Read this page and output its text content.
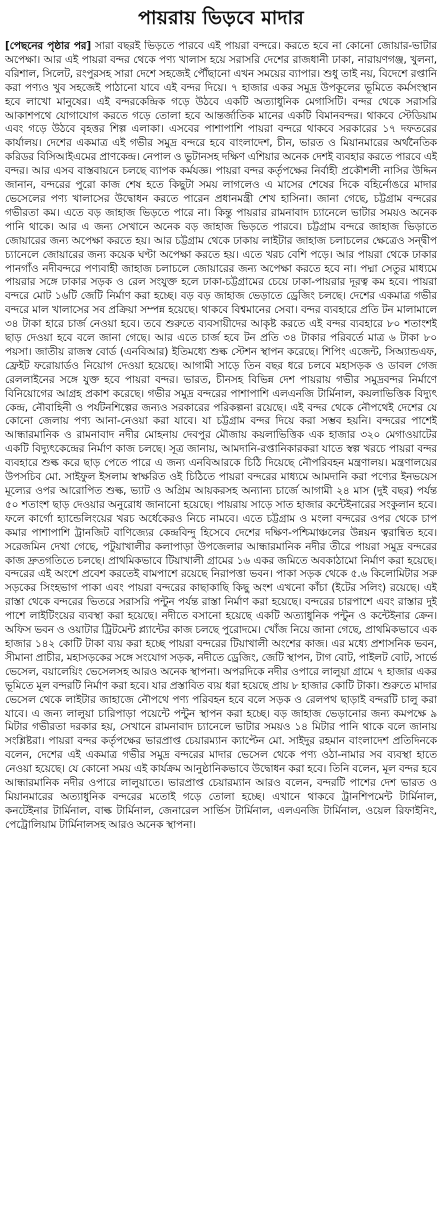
পায়রায় ভিড়বে মাদার

[পেছনের পৃষ্ঠার পর] সারা বছরই ভিড়তে পারবে এই পায়রা বন্দরে। করতে হবে না কোনো জোয়ার-ভাটার অপেক্ষা। আর এই পায়রা বন্দর থেকে পণ্য খালাস হয়ে সরাসরি দেশের রাজধানী ঢাকা, নারায়ণগঞ্জ, খুলনা, বরিশাল, সিলেট, রংপুরসহ সারা দেশে সহজেই পৌঁছানো এখন সময়ের ব্যাপার। শুধু তাই নয়, বিদেশে রপ্তানি করা পণ্যও খুব সহজেই পাঠানো যাবে এই বন্দর দিয়ে। ৭ হাজার একর সমুদ্র উপকূলের ভূমিতে কর্মসংস্থান হবে লাখো মানুষের। এই বন্দরকেন্দ্রিক গড়ে উঠবে একটি অত্যাধুনিক মেগাসিটি। বন্দর থেকে সরাসরি আকাশপথে যোগাযোগ করতে গড়ে তোলা হবে আন্তর্জাতিক মানের একটি বিমানবন্দর। থাকবে স্টেডিয়াম এবং গড়ে উঠবে বৃহত্তর শিল্প এলাকা। এসবের পাশাপাশি পায়রা বন্দরে থাকবে সরকারের ১৭ দফতরের কার্যালয়। দেশের একমাত্র এই গভীর সমুদ্র বন্দরে হবে বাংলাদেশ, চীন, ভারত ও মিয়ানমারের অর্থনৈতিক করিডর বিসিআইএমের প্রাণকেন্দ্র। নেপাল ও ভুটানসহ দক্ষিণ এশিয়ার অনেক দেশই ব্যবহার করতে পারবে এই বন্দর। আর এসব বাস্তবায়নে চলছে ব্যাপক কর্মযজ্ঞ। পায়রা বন্দর কর্তৃপক্ষের নির্বাহী প্রকৌশলী নাসির উদ্দিন জানান, বন্দরের পুরো কাজ শেষ হতে কিছুটা সময় লাগলেও এ মাসের শেষের দিকে বহির্নোঙরে মাদার ভেসেলের পণ্য খালাসের উদ্বোধন করতে পারেন প্রধানমন্ত্রী শেখ হাসিনা। জানা গেছে, চট্টগ্রাম বন্দরের গভীরতা কম। এতে বড় জাহাজ ভিড়তে পারে না। কিন্তু পায়রার রামনাবাদ চ্যানেলে ভাটার সময়ও অনেক পানি থাকে। আর এ জন্য সেখানে অনেক বড় জাহাজ ভিড়তে পারবে। চট্টগ্রাম বন্দরে জাহাজ ভিড়াতে জোয়ারের জন্য অপেক্ষা করতে হয়। আর চট্টগ্রাম থেকে ঢাকায় লাইটার জাহাজ চলাচলের ক্ষেত্রেও সন্দ্বীপ চ্যানেলে জোয়ারের জন্য কয়েক ঘণ্টা অপেক্ষা করতে হয়। এতে খরচ বেশি পড়ে। আর পায়রা থেকে ঢাকার পানগাঁও নদীবন্দরে পণ্যবাহী জাহাজ চলাচলে জোয়ারের জন্য অপেক্ষা করতে হবে না। পদ্মা সেতুর মাধ্যমে পায়রার সঙ্গে ঢাকার সড়ক ও রেল সংযুক্ত হলে ঢাকা-চট্টগ্রামের চেয়ে ঢাকা-পায়রার দূরত্ব কম হবে। পায়রা বন্দরে মোট ১৬টি জেটি নির্মাণ করা হচ্ছে। বড় বড় জাহাজ ভেড়াতে ড্রেজিং চলছে। দেশের একমাত্র গভীর বন্দরে মাল খালাসের সব প্রক্রিয়া সম্পন্ন হয়েছে। থাকবে বিশ্বমানের সেবা। বন্দর ব্যবহারে প্রতি টন মালামালে ৩৪ টাকা হারে চার্জ নেওয়া হবে। তবে শুরুতে ব্যবসায়ীদের আকৃষ্ট করতে এই বন্দর ব্যবহারে ৮০ শতাংশই ছাড় দেওয়া হবে বলে জানা গেছে। আর এতে চার্জ হবে টন প্রতি ৩৪ টাকার পরিবর্তে মাত্র ৬ টাকা ৮০ পয়সা। জাতীয় রাজস্ব বোর্ড (এনবিআর) ইতিমধ্যে শুল্ক স্টেশন স্থাপন করেছে। শিপিং এজেন্ট, সিঅ্যান্ডএফ, ফ্রেইট ফরোয়ার্ডও নিয়োগ দেওয়া হয়েছে। আগামী সাড়ে তিন বছর ধরে চলবে মহাসড়ক ও ডাবল গেজ রেললাইনের সঙ্গে যুক্ত হবে পায়রা বন্দর। ভারত, চীনসহ বিভিন্ন দেশ পায়রায় গভীর সমুদ্রবন্দর নির্মাণে বিনিয়োগের আগ্রহ প্রকাশ করেছে। গভীর সমুদ্র বন্দরের পাশাপাশি এলএনজি টার্মিনাল, কয়লাভিত্তিক বিদ্যুৎ কেন্দ্র, নৌবাহিনী ও পর্যটনশিল্পের জন্যও সরকারের পরিকল্পনা রয়েছে। এই বন্দর থেকে নৌপথেই দেশের যে কোনো জেলায় পণ্য আনা-নেওয়া করা যাবে। যা চট্টগ্রাম বন্দর দিয়ে করা সম্ভব হয়নি। বন্দরের পাশেই আন্ধারমানিক ও রামনাবাদ নদীর মোহনায় দেবপুর মৌজায় কয়লাভিত্তিক এক হাজার ৩২০ মেগাওয়াটের একটি বিদ্যুৎকেন্দ্রের নির্মাণ কাজ চলছে। সূত্র জানায়, আমদানি-রপ্তানিকারকরা যাতে স্বল্প খরচে পায়রা বন্দর ব্যবহারে শুল্ক করে ছাড় পেতে পারে এ জন্য এনবিআরকে চিঠি দিয়েছে নৌপরিবহন মন্ত্রণালয়। মন্ত্রণালয়ের উপসচিব মো. সাইফুল ইসলাম স্বাক্ষরিত ওই চিঠিতে পায়রা বন্দরের মাধ্যমে আমদানি করা পণ্যের ইনভয়েস মূল্যের ওপর আরোপিত শুল্ক, ভ্যাট ও অগ্রিম আয়করসহ অন্যান্য চার্জে আগামী ২৪ মাস (দুই বছর) পর্যন্ত ৫০ শতাংশ ছাড় দেওয়ার অনুরোধ জানানো হয়েছে। পায়রায় সাড়ে সাত হাজার কন্টেইনারের সংকুলান হবে। ফলে কার্গো হ্যান্ডেলিংয়ের খরচ অর্ধেকেরও নিচে নামবে। এতে চট্টগ্রাম ও মংলা বন্দরের ওপর থেকে চাপ কমার পাশাপাশি ট্রানজিট বাণিজ্যের কেন্দ্রবিন্দু হিসেবে দেশের দক্ষিণ-পশ্চিমাঞ্চলের উন্নয়ন ত্বরান্বিত হবে। সরেজমিন দেখা গেছে, পটুয়াখালীর কলাপাড়া উপজেলার আন্ধারমানিক নদীর তীরে পায়রা সমুদ্র বন্দরের কাজ দ্রুতগতিতে চলছে। প্রাথমিকভাবে টিয়াখালী গ্রামের ১৬ একর জমিতে অবকাঠামো নির্মাণ করা হয়েছে। বন্দরের এই অংশে প্রবেশ করতেই বামপাশে রয়েছে নিরাপত্তা ভবন। পাকা সড়ক থেকে ৫.৬ কিলোমিটার সরু সড়কের সিংহভাগ পাকা এবং পায়রা বন্দরের কাছাকাছি কিছু অংশ এখনো কাঁচা (ইটের সলিং) রয়েছে। এই রাস্তা থেকে বন্দরের ভিতরে সরাসরি পন্টুন পর্যন্ত রাস্তা নির্মাণ করা হয়েছে। বন্দরের চারপাশে এবং রাস্তার দুই পাশে লাইটিংয়ের ব্যবস্থা করা হয়েছে। নদীতে বসানো হয়েছে একটি অত্যাধুনিক পন্টুন ও কন্টেইনার ক্রেন। অফিস ভবন ও ওয়াটার ট্রিটমেন্ট প্ল্যান্টের কাজ চলছে পুরোদমে। খোঁজ নিয়ে জানা গেছে, প্রাথমিকভাবে এক হাজার ১৪২ কোটি টাকা ব্যয় করা হচ্ছে পায়রা বন্দরের টিয়াখালী অংশের কাজ। এর মধ্যে প্রশাসনিক ভবন, সীমানা প্রাচীর, মহাসড়কের সঙ্গে সংযোগ সড়ক, নদীতে ড্রেজিং, জেটি স্থাপন, টাগ বোট, পাইলট বোট, সার্ভে ভেসেল, বয়ালেয়িং ভেসেলসহ আরও অনেক স্থাপনা। অপরদিকে নদীর ওপারে লালুয়া গ্রামে ৭ হাজার একর ভূমিতে মূল বন্দরটি নির্মাণ করা হবে। যার প্রস্তাবিত ব্যয় ধরা হয়েছে প্রায় ৮ হাজার কোটি টাকা। শুরুতে মাদার ভেসেল থেকে লাইটার জাহাজে নৌপথে পণ্য পরিবহন হবে বলে সড়ক ও রেলপথ ছাড়াই বন্দরটি চালু করা যাবে। এ জন্য লালুয়া চারিপাড়া পয়েন্টে পন্টুন স্থাপন করা হচ্ছে। বড় জাহাজ ভেড়ানোর জন্য কমপক্ষে ৯ মিটার গভীরতা দরকার হয়, সেখানে রামনাবাদ চ্যানেলে ভাটার সময়ও ১৪ মিটার পানি থাকে বলে জানায় সংশ্লিষ্টরা। পায়রা বন্দর কর্তৃপক্ষের ভারপ্রাপ্ত চেয়ারম্যান ক্যাপ্টেন মো. সাইদুর রহমান বাংলাদেশ প্রতিদিনকে বলেন, দেশের এই একমাত্র গভীর সমুদ্র বন্দরের মাদার ভেসেল থেকে পণ্য ওঠা-নামার সব ব্যবস্থা হাতে নেওয়া হয়েছে। যে কোনো সময় এই কার্যক্রম আনুষ্ঠানিকভাবে উদ্বোধন করা হবে। তিনি বলেন, মূল বন্দর হবে আন্ধারমানিক নদীর ওপারে লালুয়াতে। ভারপ্রাপ্ত চেয়ারম্যান আরও বলেন, বন্দরটি পাশের দেশ ভারত ও মিয়ানমারের অত্যাধুনিক বন্দরের মতোই গড়ে তোলা হচ্ছে। এখানে থাকবে ট্রানশিপমেন্ট টার্মিনাল, কনটেইনার টার্মিনাল, বাল্ক টার্মিনাল, জেনারেল সার্ভিস টার্মিনাল, এলএনজি টার্মিনাল, ওয়েল রিফাইনিং, পেট্রোলিয়াম টার্মিনালসহ আরও অনেক স্থাপনা।
